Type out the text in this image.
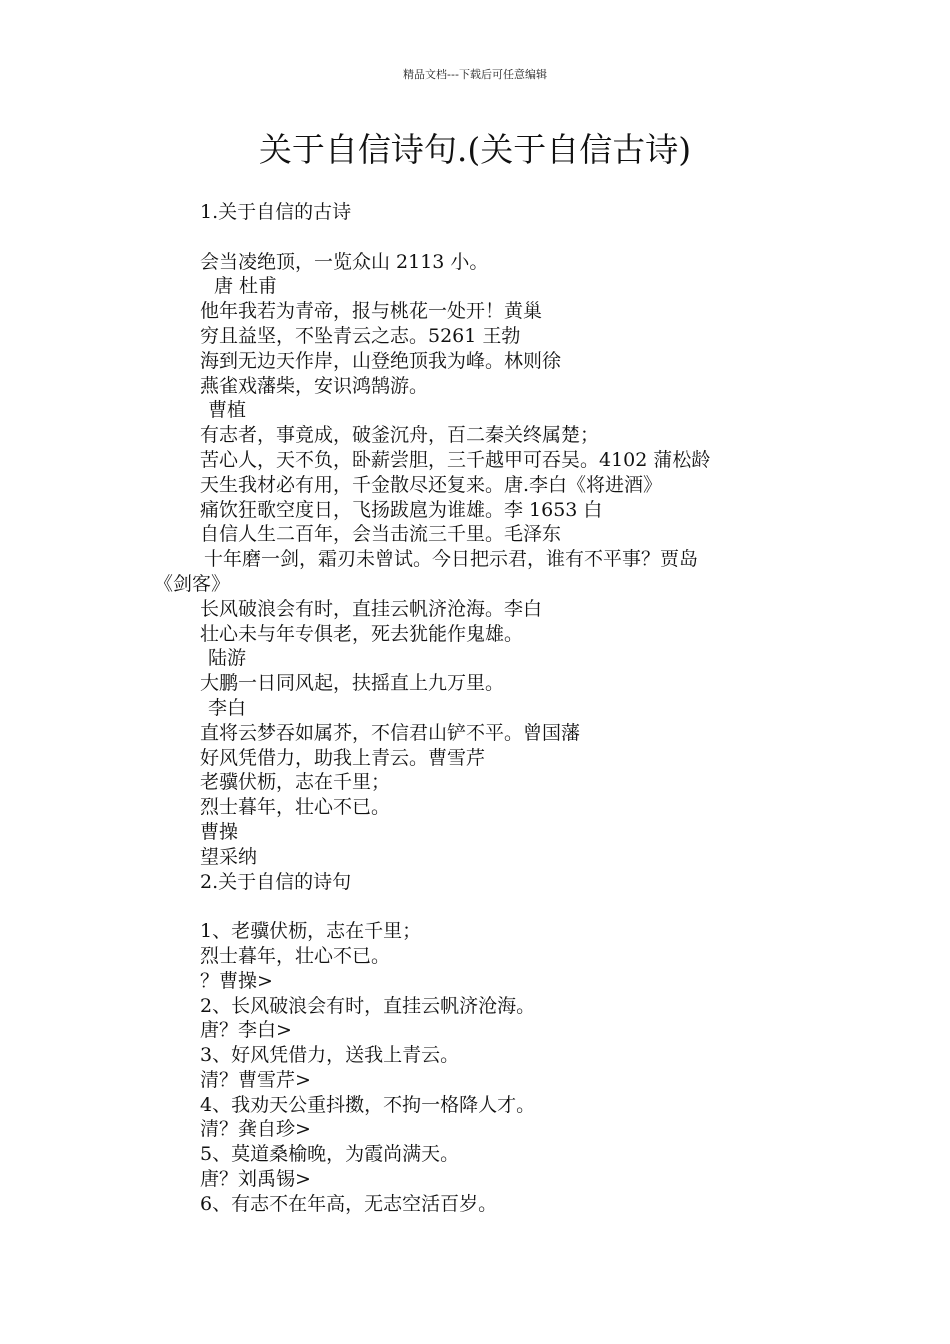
精品文档---下载后可任意编辑
关于自信诗句.(关于自信古诗)
1.关于自信的古诗
会当凌绝顶，一览众山 2113 小。
唐 杜甫
他年我若为青帝，报与桃花一处开！黄巢
穷且益坚，不坠青云之志。5261 王勃
海到无边天作岸，山登绝顶我为峰。林则徐
燕雀戏藩柴，安识鸿鹄游。
曹植
有志者，事竟成，破釜沉舟，百二秦关终属楚；
苦心人，天不负，卧薪尝胆，三千越甲可吞吴。4102 蒲松龄
天生我材必有用，千金散尽还复来。唐.李白《将进酒》
痛饮狂歌空度日，飞扬跋扈为谁雄。李 1653 白
自信人生二百年，会当击流三千里。毛泽东
十年磨一剑，霜刃未曾试。今日把示君，谁有不平事？贾岛
《剑客》
长风破浪会有时，直挂云帆济沧海。李白
壮心未与年专俱老，死去犹能作鬼雄。
陆游
大鹏一日同风起，扶摇直上九万里。
李白
直将云梦吞如属芥，不信君山铲不平。曾国藩
好风凭借力，助我上青云。曹雪芹
老骥伏枥，志在千里；
烈士暮年，壮心不已。
曹操
望采纳
2.关于自信的诗句
1、老骥伏枥，志在千里；
烈士暮年，壮心不已。
？曹操>
2、长风破浪会有时，直挂云帆济沧海。
唐？李白>
3、好风凭借力，送我上青云。
清？曹雪芹>
4、我劝天公重抖擞，不拘一格降人才。
清？龚自珍>
5、莫道桑榆晚，为霞尚满天。
唐？刘禹锡>
6、有志不在年高，无志空活百岁。
